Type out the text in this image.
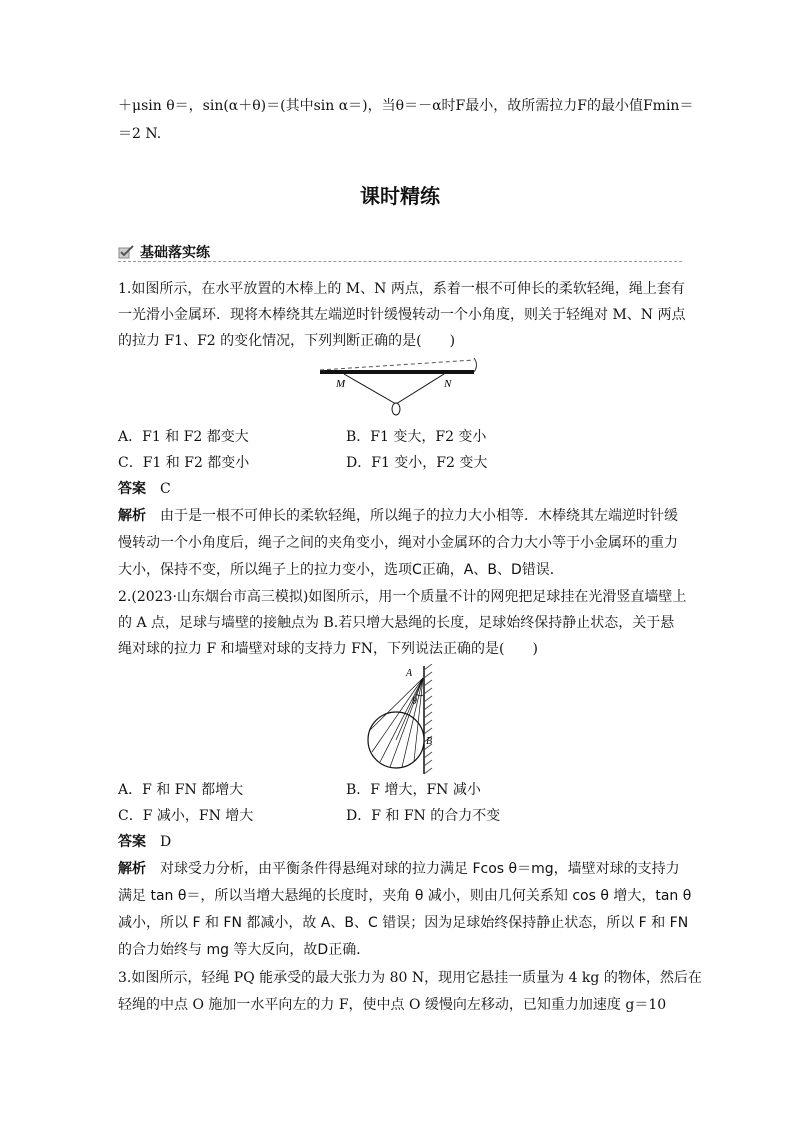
＋μsin θ＝，sin(α＋θ)＝(其中sin α＝)，当θ＝－α时F最小，故所需拉力F的最小值Fmin＝
＝2 N.
课时精练
基础落实练
1.如图所示，在水平放置的木棒上的 M、N 两点，系着一根不可伸长的柔软轻绳，绳上套有
一光滑小金属环．现将木棒绕其左端逆时针缓慢转动一个小角度，则关于轻绳对 M、N 两点
的拉力 F1、F2 的变化情况，下列判断正确的是(　　)
M	N
A．F1 和 F2 都变大	B．F1 变大，F2 变小
C．F1 和 F2 都变小	D．F1 变小，F2 变大
答案 C
解析 由于是一根不可伸长的柔软轻绳，所以绳子的拉力大小相等．木棒绕其左端逆时针缓
慢转动一个小角度后，绳子之间的夹角变小，绳对小金属环的合力大小等于小金属环的重力
大小，保持不变，所以绳子上的拉力变小，选项C正确，A、B、D错误．
2.(2023·山东烟台市高三模拟)如图所示，用一个质量不计的网兜把足球挂在光滑竖直墙壁上
的 A 点，足球与墙壁的接触点为 B.若只增大悬绳的长度，足球始终保持静止状态，关于悬
绳对球的拉力 F 和墙壁对球的支持力 FN，下列说法正确的是(　　)
A
θ
B
A．F 和 FN 都增大	B．F 增大，FN 减小
C．F 减小，FN 增大	D．F 和 FN 的合力不变
答案 D
解析 对球受力分析，由平衡条件得悬绳对球的拉力满足 Fcos θ＝mg，墙壁对球的支持力
满足 tan θ＝，所以当增大悬绳的长度时，夹角 θ 减小，则由几何关系知 cos θ 增大，tan θ
减小，所以 F 和 FN 都减小，故 A、B、C 错误；因为足球始终保持静止状态，所以 F 和 FN
的合力始终与 mg 等大反向，故D正确．
3.如图所示，轻绳 PQ 能承受的最大张力为 80 N，现用它悬挂一质量为 4 kg 的物体，然后在
轻绳的中点 O 施加一水平向左的力 F，使中点 O 缓慢向左移动，已知重力加速度 g＝10
